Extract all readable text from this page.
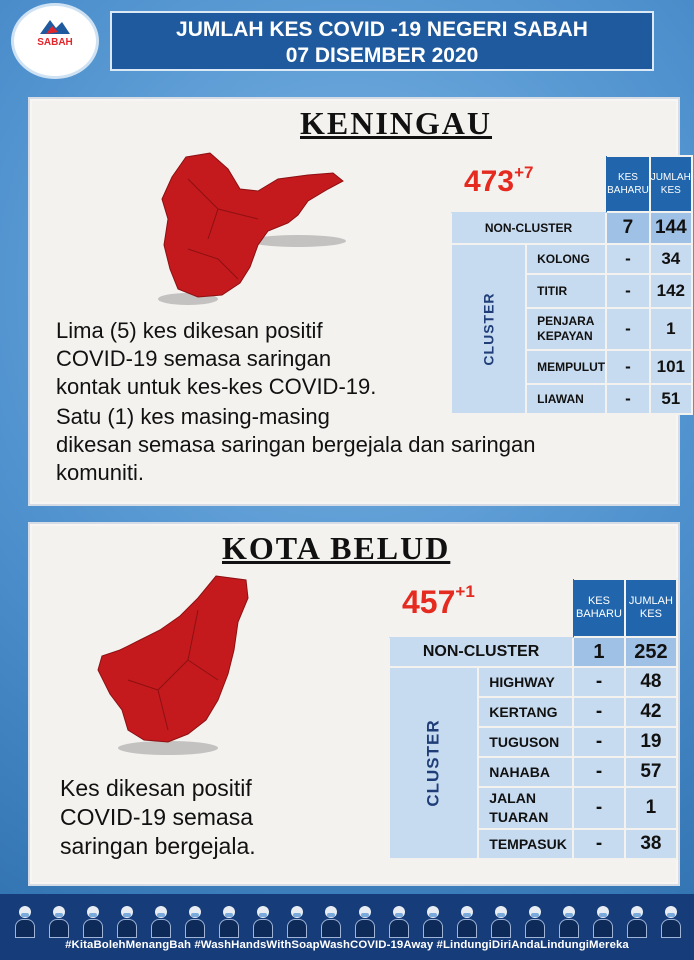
SABAH
JUMLAH KES COVID -19 NEGERI SABAH
07 DISEMBER 2020
KENINGAU
$473^{+7}$
		KES BAHARU	JUMLAH KES
NON-CLUSTER		7	144
CLUSTER	KOLONG	-	34
	TITIR	-	142
	PENJARA KEPAYAN	-	1
	MEMPULUT	-	101
	LIAWAN	-	51
Lima (5) kes dikesan positif
COVID-19 semasa saringan
kontak untuk kes-kes COVID-19.
Satu (1) kes masing-masing
dikesan semasa saringan bergejala dan saringan
komuniti.
KOTA BELUD
$457^{+1}$
		KES BAHARU	JUMLAH KES
NON-CLUSTER		1	252
CLUSTER	HIGHWAY	-	48
	KERTANG	-	42
	TUGUSON	-	19
	NAHABA	-	57
	JALAN TUARAN	-	1
	TEMPASUK	-	38
Kes dikesan positif
COVID-19 semasa
saringan bergejala.
#KitaBolehMenangBah #WashHandsWithSoapWashCOVID-19Away #LindungiDiriAndaLindungiMereka
